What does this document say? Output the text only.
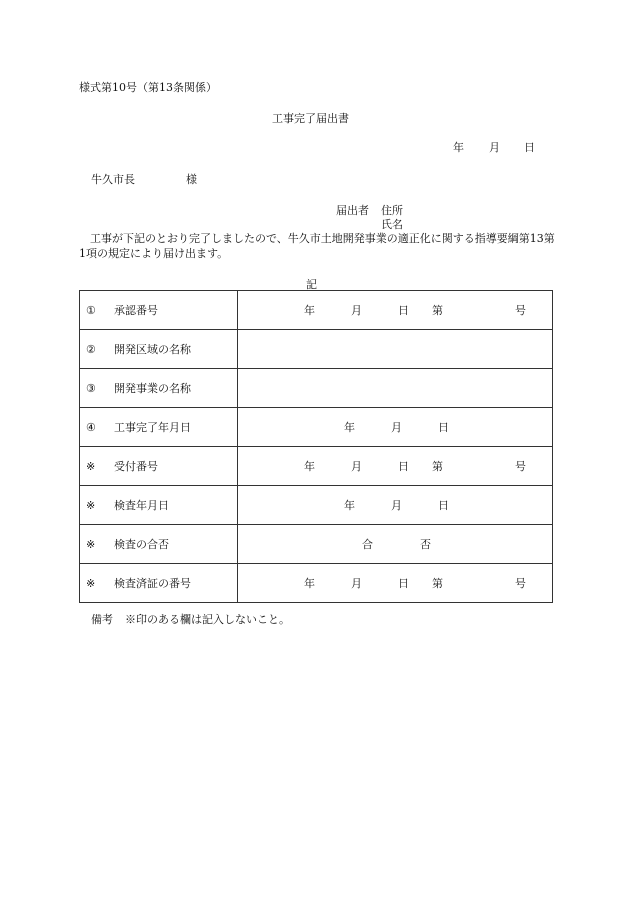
様式第10号（第13条関係）
工事完了届出書
年 月 日
牛久市長	様
届出者 住所
氏名
工事が下記のとおり完了しましたので、牛久市土地開発事業の適正化に関する指導要綱第13第1項の規定により届け出ます。
記
① 承認番号	年 月 日 第 号

② 開発区域の名称	
③ 開発事業の名称	
④ 工事完了年月日	年 月 日

※ 受付番号	年 月 日 第 号

※ 検査年月日	年 月 日

※ 検査の合否	合 否

※ 検査済証の番号	年 月 日 第 号
備考 ※印のある欄は記入しないこと。
